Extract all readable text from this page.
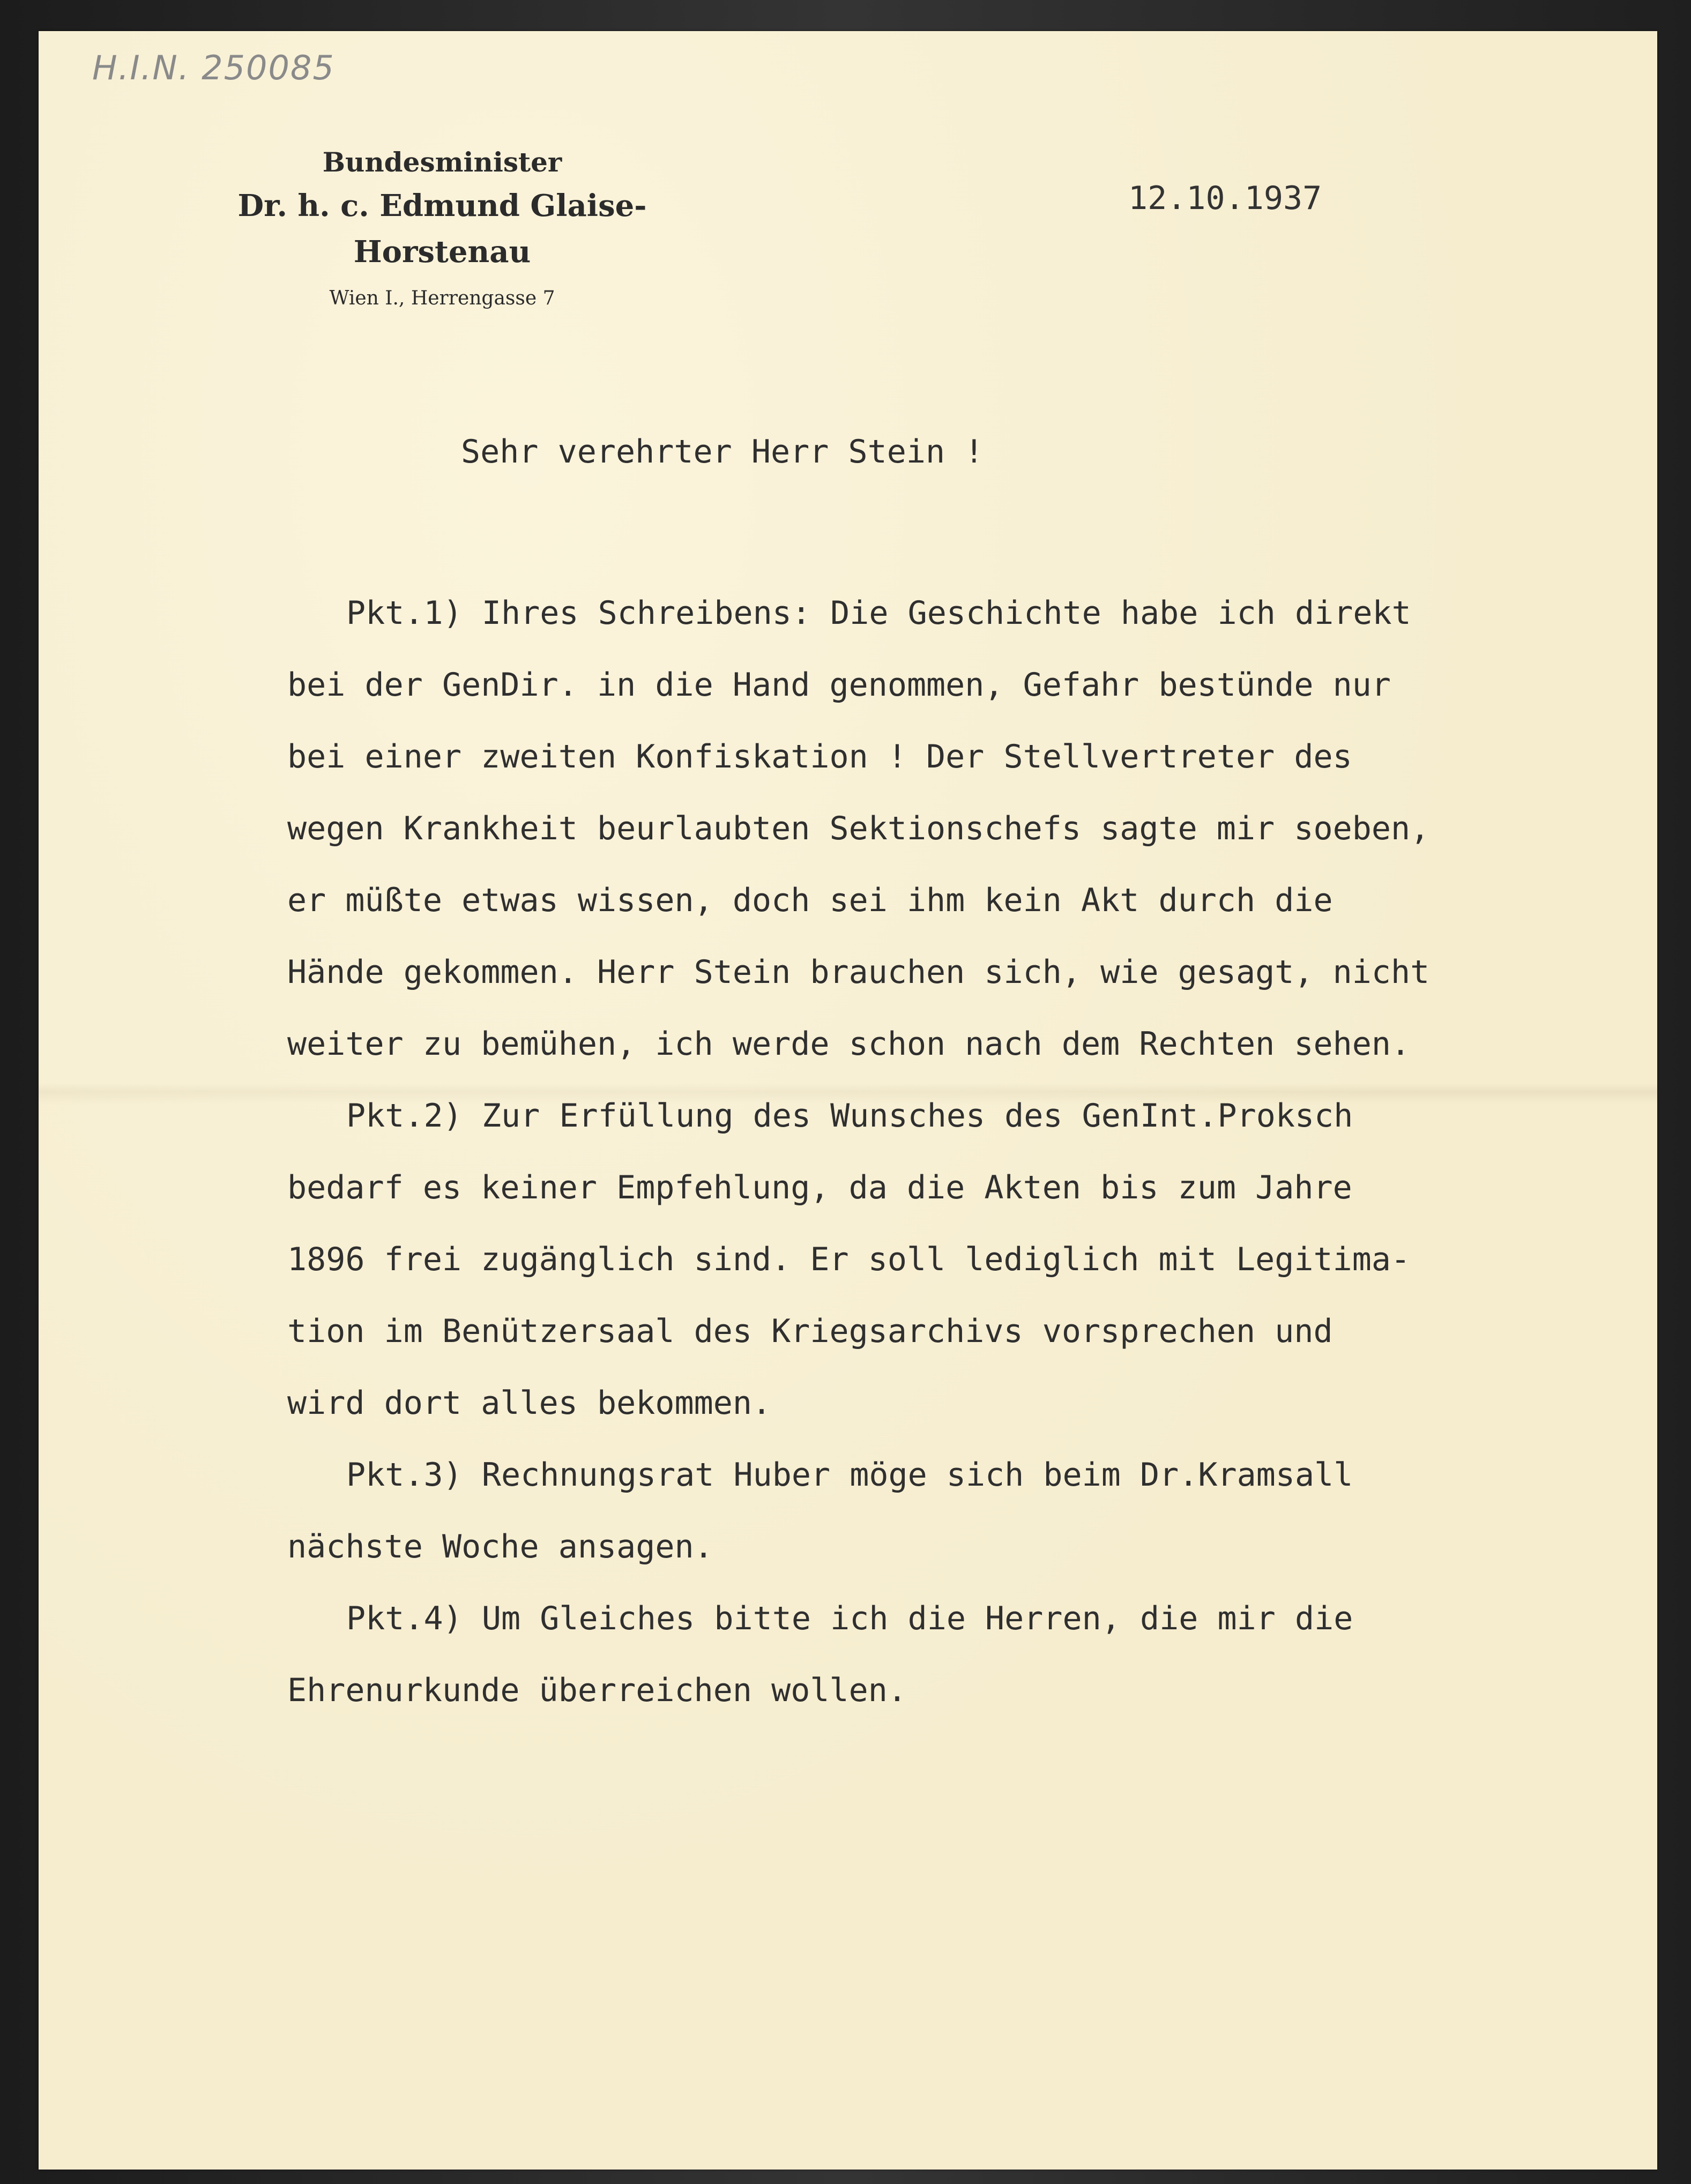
H.I.N. 250085
Bundesminister
Dr. h. c. Edmund Glaise-Horstenau
Wien I., Herrengasse 7
12.10.1937
Sehr verehrter Herr Stein !
Pkt.1) Ihres Schreibens: Die Geschichte habe ich direkt
bei der GenDir. in die Hand genommen, Gefahr bestünde nur
bei einer zweiten Konfiskation ! Der Stellvertreter des
wegen Krankheit beurlaubten Sektionschefs sagte mir soeben,
er müßte etwas wissen, doch sei ihm kein Akt durch die
Hände gekommen. Herr Stein brauchen sich, wie gesagt, nicht
weiter zu bemühen, ich werde schon nach dem Rechten sehen.
Pkt.2) Zur Erfüllung des Wunsches des GenInt.Proksch
bedarf es keiner Empfehlung, da die Akten bis zum Jahre
1896 frei zugänglich sind. Er soll lediglich mit Legitima-
tion im Benützersaal des Kriegsarchivs vorsprechen und
wird dort alles bekommen.
Pkt.3) Rechnungsrat Huber möge sich beim Dr.Kramsall
nächste Woche ansagen.
Pkt.4) Um Gleiches bitte ich die Herren, die mir die
Ehrenurkunde überreichen wollen.
